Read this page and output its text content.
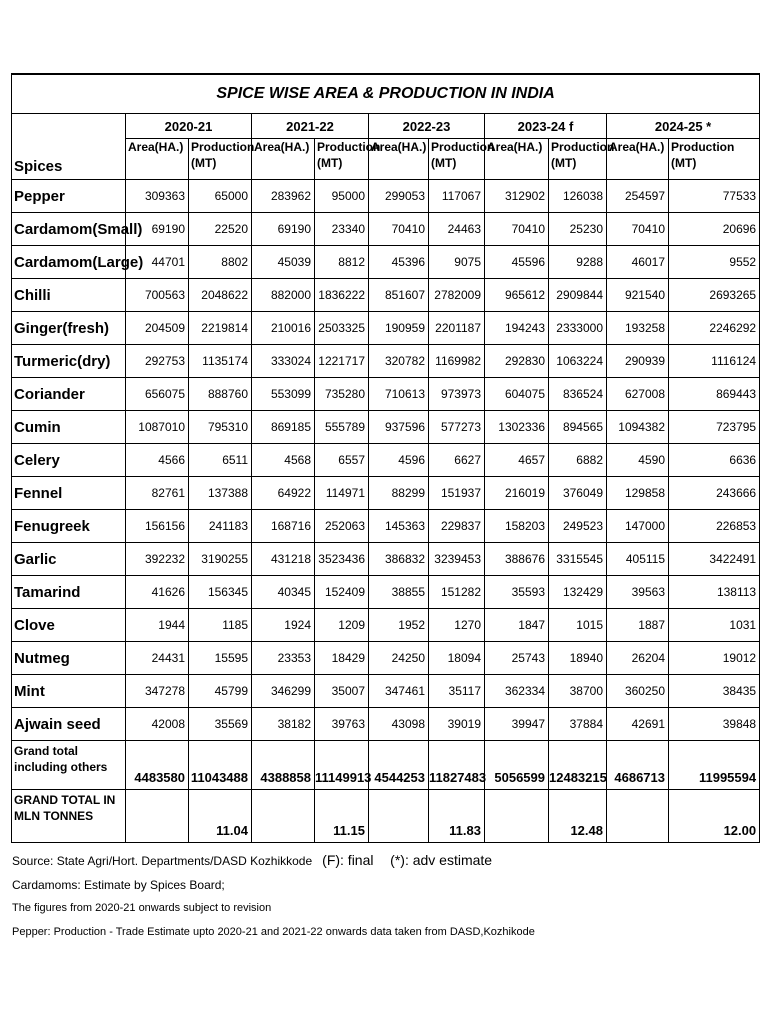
SPICE WISE AREA & PRODUCTION IN INDIA										
Spices	2020-21		2021-22		2022-23		2023-24 f		2024-25 *	
	Area(HA.)	Production (MT)	Area(HA.)	Production (MT)	Area(HA.)	Production (MT)	Area(HA.)	Production (MT)	Area(HA.)	Production (MT)
Pepper	309363	65000	283962	95000	299053	117067	312902	126038	254597	77533
Cardamom(Small)	69190	22520	69190	23340	70410	24463	70410	25230	70410	20696
Cardamom(Large)	44701	8802	45039	8812	45396	9075	45596	9288	46017	9552
Chilli	700563	2048622	882000	1836222	851607	2782009	965612	2909844	921540	2693265
Ginger(fresh)	204509	2219814	210016	2503325	190959	2201187	194243	2333000	193258	2246292
Turmeric(dry)	292753	1135174	333024	1221717	320782	1169982	292830	1063224	290939	1116124
Coriander	656075	888760	553099	735280	710613	973973	604075	836524	627008	869443
Cumin	1087010	795310	869185	555789	937596	577273	1302336	894565	1094382	723795
Celery	4566	6511	4568	6557	4596	6627	4657	6882	4590	6636
Fennel	82761	137388	64922	114971	88299	151937	216019	376049	129858	243666
Fenugreek	156156	241183	168716	252063	145363	229837	158203	249523	147000	226853
Garlic	392232	3190255	431218	3523436	386832	3239453	388676	3315545	405115	3422491
Tamarind	41626	156345	40345	152409	38855	151282	35593	132429	39563	138113
Clove	1944	1185	1924	1209	1952	1270	1847	1015	1887	1031
Nutmeg	24431	15595	23353	18429	24250	18094	25743	18940	26204	19012
Mint	347278	45799	346299	35007	347461	35117	362334	38700	360250	38435
Ajwain seed	42008	35569	38182	39763	43098	39019	39947	37884	42691	39848
Grand total including others	4483580	11043488	4388858	11149913	4544253	11827483	5056599	12483215	4686713	11995594
GRAND TOTAL IN MLN TONNES		11.04		11.15		11.83		12.48		12.00
Source: State Agri/Hort. Departments/DASD Kozhikkode (F): final (*): adv estimate
Cardamoms: Estimate by Spices Board;
The figures from 2020-21 onwards subject to revision
Pepper: Production - Trade Estimate upto 2020-21 and 2021-22 onwards data taken from DASD,Kozhikode
